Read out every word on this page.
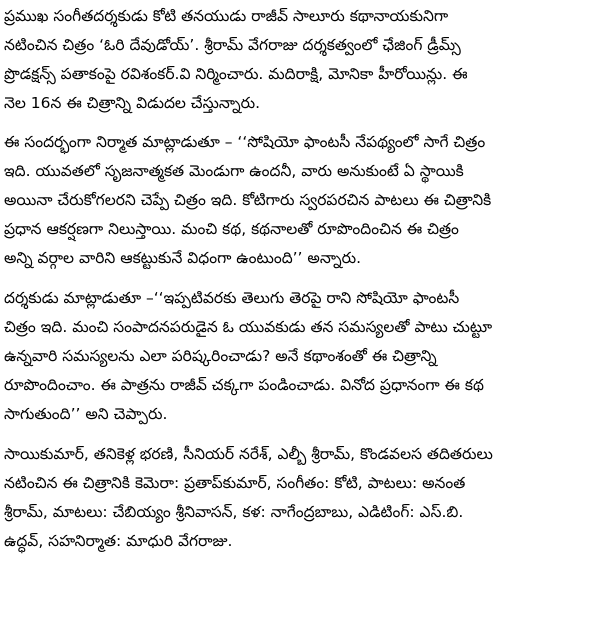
ప్రముఖ సంగీతదర్శకుడు కోటి తనయుడు రాజీవ్ సాలూరు కథానాయకునిగా
నటించిన చిత్రం ‘ఓరి దేవుడోయ్’. శ్రీరామ్ వేగరాజు దర్శకత్వంలో ఛేజింగ్ డ్రీమ్స్
ప్రొడక్షన్స్ పతాకంపై రవిశంకర్.వి నిర్మించారు. మదిరాక్షి, మోనికా హీరోయిన్లు. ఈ
నెల 16న ఈ చిత్రాన్ని విడుదల చేస్తున్నారు.

ఈ సందర్భంగా నిర్మాత మాట్లాడుతూ – ‘‘సోషియో ఫాంటసీ నేపథ్యంలో సాగే చిత్రం
ఇది. యువతలో సృజనాత్మకత మెండుగా ఉందనీ, వారు అనుకుంటే ఏ స్థాయికి
అయినా చేరుకోగలరని చెప్పే చిత్రం ఇది. కోటిగారు స్వరపరచిన పాటలు ఈ చిత్రానికి
ప్రధాన ఆకర్షణగా నిలుస్తాయి. మంచి కథ, కథనాలతో రూపొందించిన ఈ చిత్రం
అన్ని వర్గాల వారిని ఆకట్టుకునే విధంగా ఉంటుంది’’ అన్నారు.

దర్శకుడు మాట్లాడుతూ –‘‘ఇప్పటివరకు తెలుగు తెరపై రాని సోషియో ఫాంటసీ
చిత్రం ఇది. మంచి సంపాదనపరుడైన ఓ యువకుడు తన సమస్యలతో పాటు చుట్టూ
ఉన్నవారి సమస్యలను ఎలా పరిష్కరించాడు? అనే కథాంశంతో ఈ చిత్రాన్ని
రూపొందించాం. ఈ పాత్రను రాజీవ్ చక్కగా పండించాడు. వినోద ప్రధానంగా ఈ కథ
సాగుతుంది’’ అని చెప్పారు.

సాయికుమార్, తనికెళ్ల భరణి, సీనియర్ నరేశ్, ఎల్బీ శ్రీరామ్, కొండవలస తదితరులు
నటించిన ఈ చిత్రానికి కెమెరా: ప్రతాప్‌కుమార్, సంగీతం: కోటి, పాటలు: అనంత
శ్రీరామ్, మాటలు: చేబియ్యం శ్రీనివాసన్, కళ: నాగేంద్రబాబు, ఎడిటింగ్: ఎస్.బి.
ఉద్ధవ్, సహనిర్మాత: మాధురి వేగరాజు.
